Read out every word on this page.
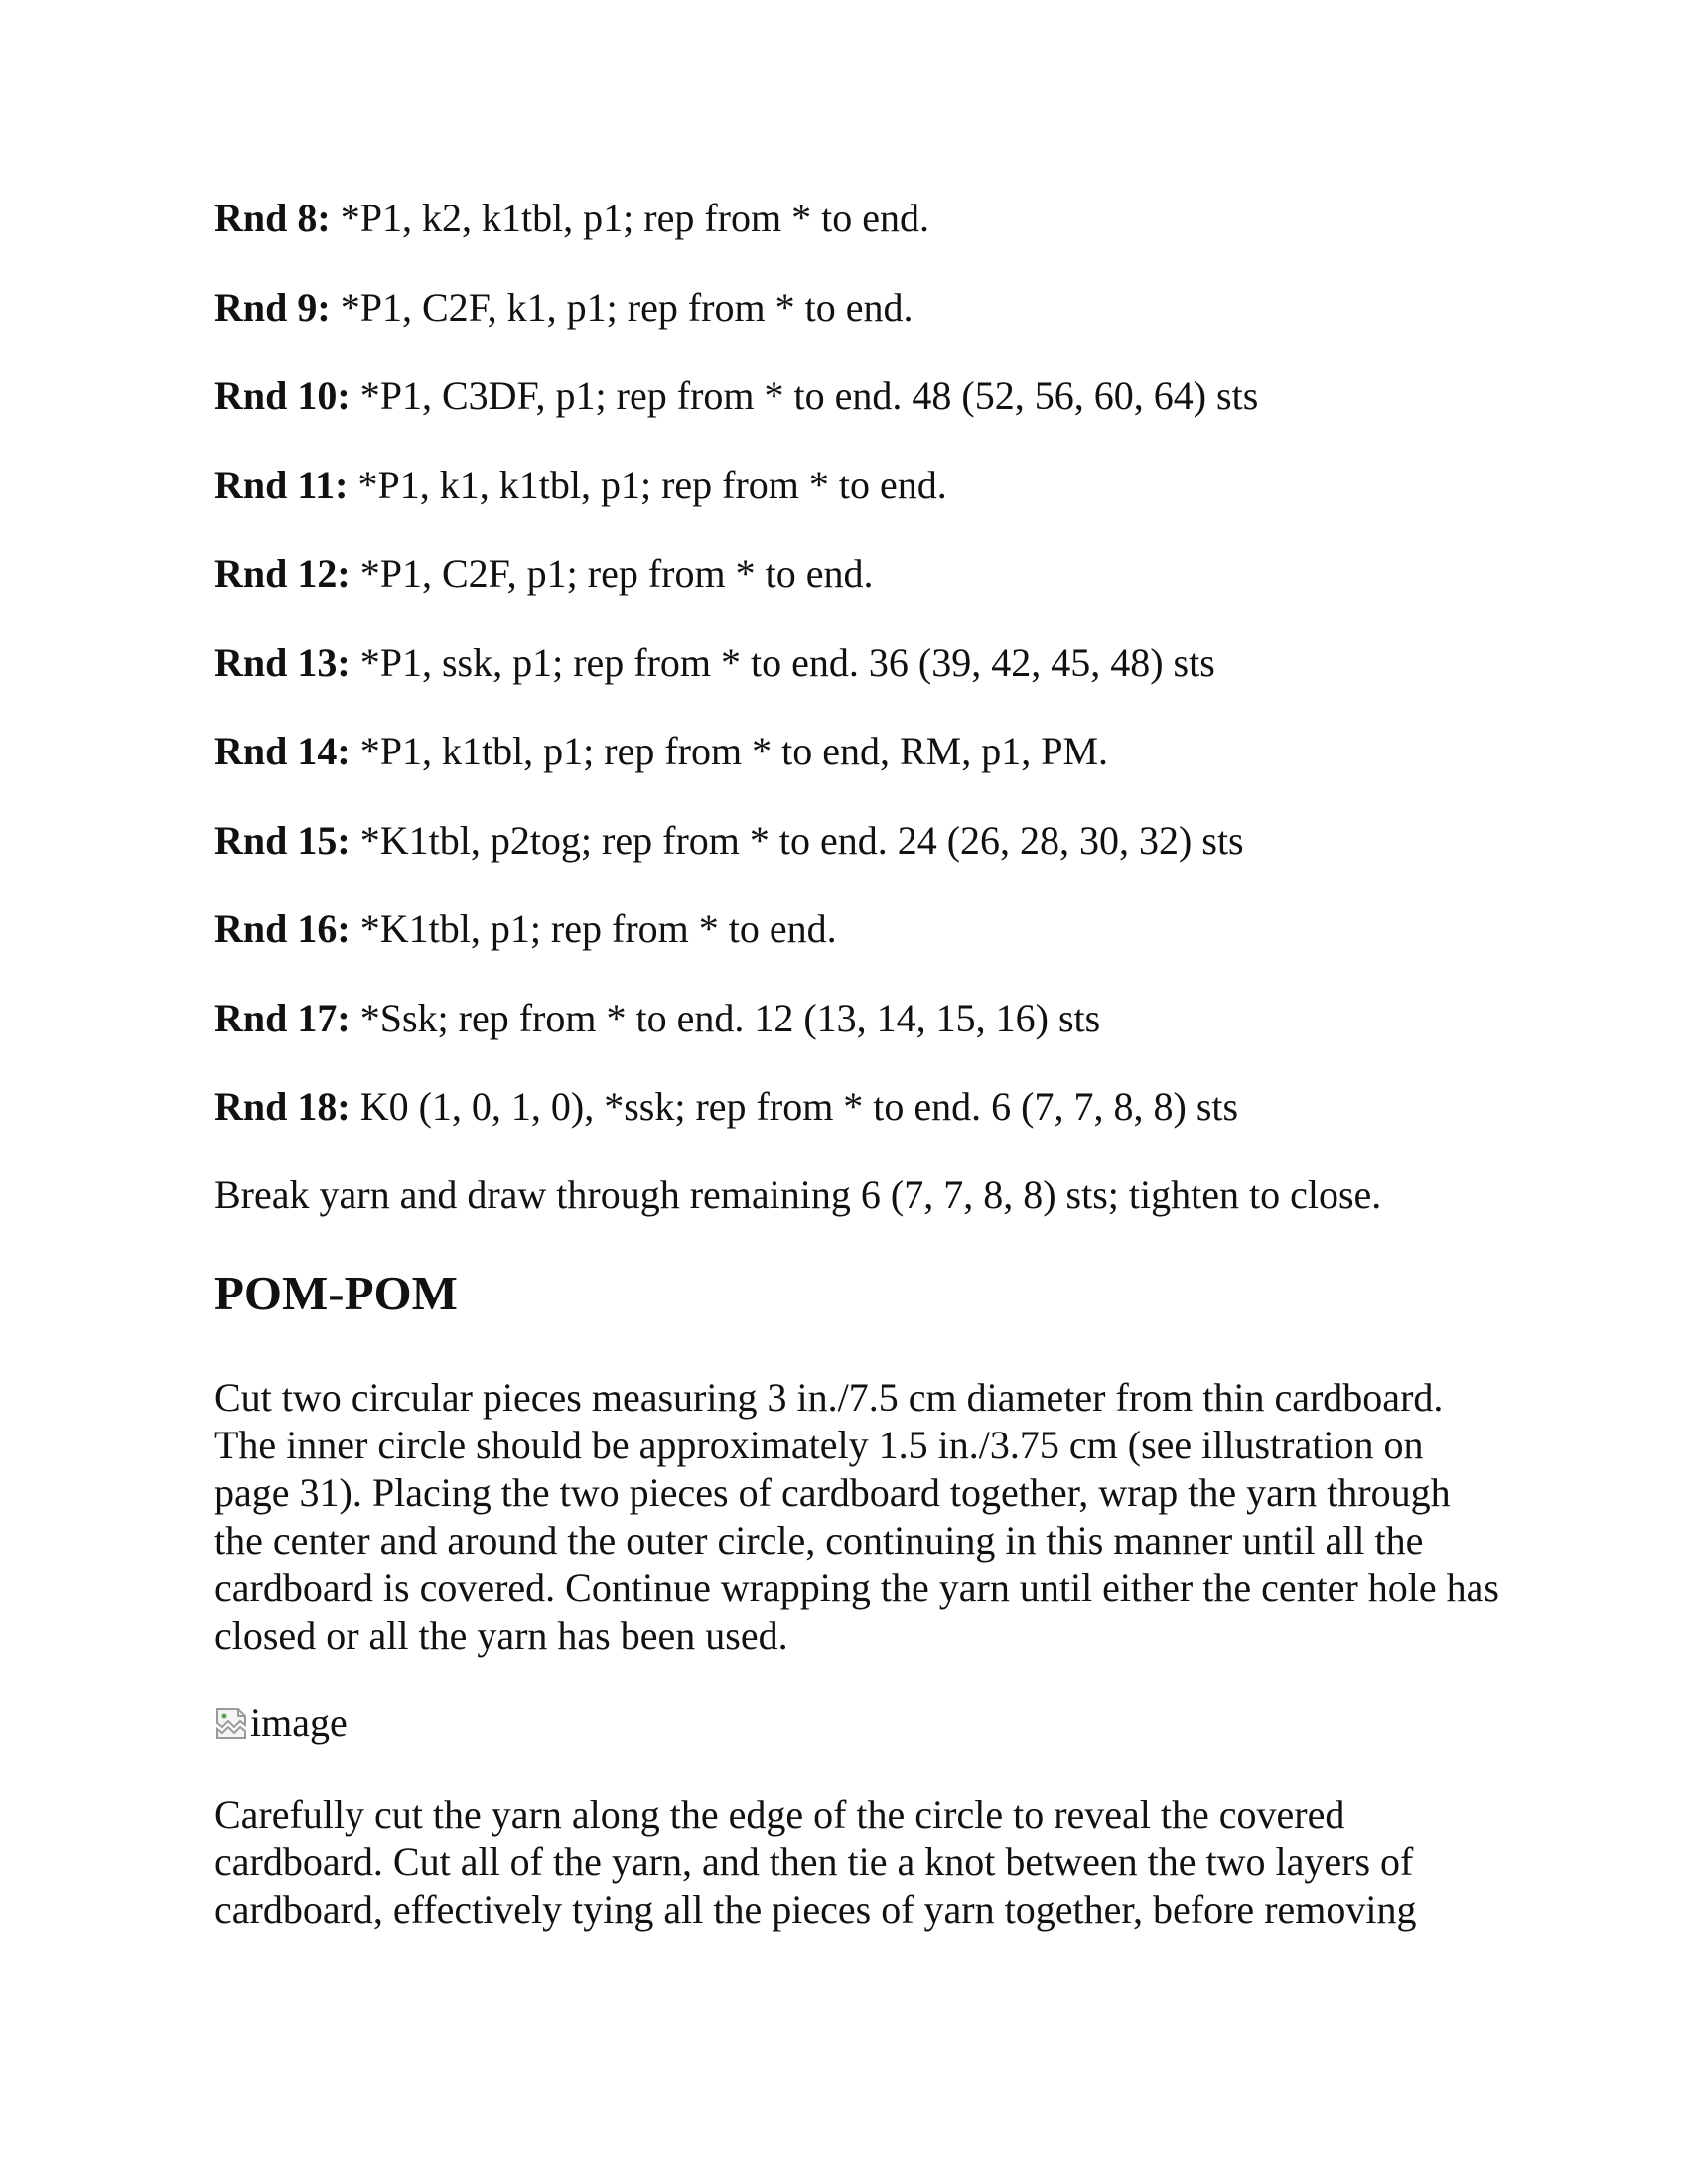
Rnd 8: *P1, k2, k1tbl, p1; rep from * to end.
Rnd 9: *P1, C2F, k1, p1; rep from * to end.
Rnd 10: *P1, C3DF, p1; rep from * to end. 48 (52, 56, 60, 64) sts
Rnd 11: *P1, k1, k1tbl, p1; rep from * to end.
Rnd 12: *P1, C2F, p1; rep from * to end.
Rnd 13: *P1, ssk, p1; rep from * to end. 36 (39, 42, 45, 48) sts
Rnd 14: *P1, k1tbl, p1; rep from * to end, RM, p1, PM.
Rnd 15: *K1tbl, p2tog; rep from * to end. 24 (26, 28, 30, 32) sts
Rnd 16: *K1tbl, p1; rep from * to end.
Rnd 17: *Ssk; rep from * to end. 12 (13, 14, 15, 16) sts
Rnd 18: K0 (1, 0, 1, 0), *ssk; rep from * to end. 6 (7, 7, 8, 8) sts

Break yarn and draw through remaining 6 (7, 7, 8, 8) sts; tighten to close.

POM-POM

Cut two circular pieces measuring 3 in./7.5 cm diameter from thin cardboard. The inner circle should be approximately 1.5 in./3.75 cm (see illustration on page 31). Placing the two pieces of cardboard together, wrap the yarn through the center and around the outer circle, continuing in this manner until all the cardboard is covered. Continue wrapping the yarn until either the center hole has closed or all the yarn has been used.

image

Carefully cut the yarn along the edge of the circle to reveal the covered cardboard. Cut all of the yarn, and then tie a knot between the two layers of cardboard, effectively tying all the pieces of yarn together, before removing
